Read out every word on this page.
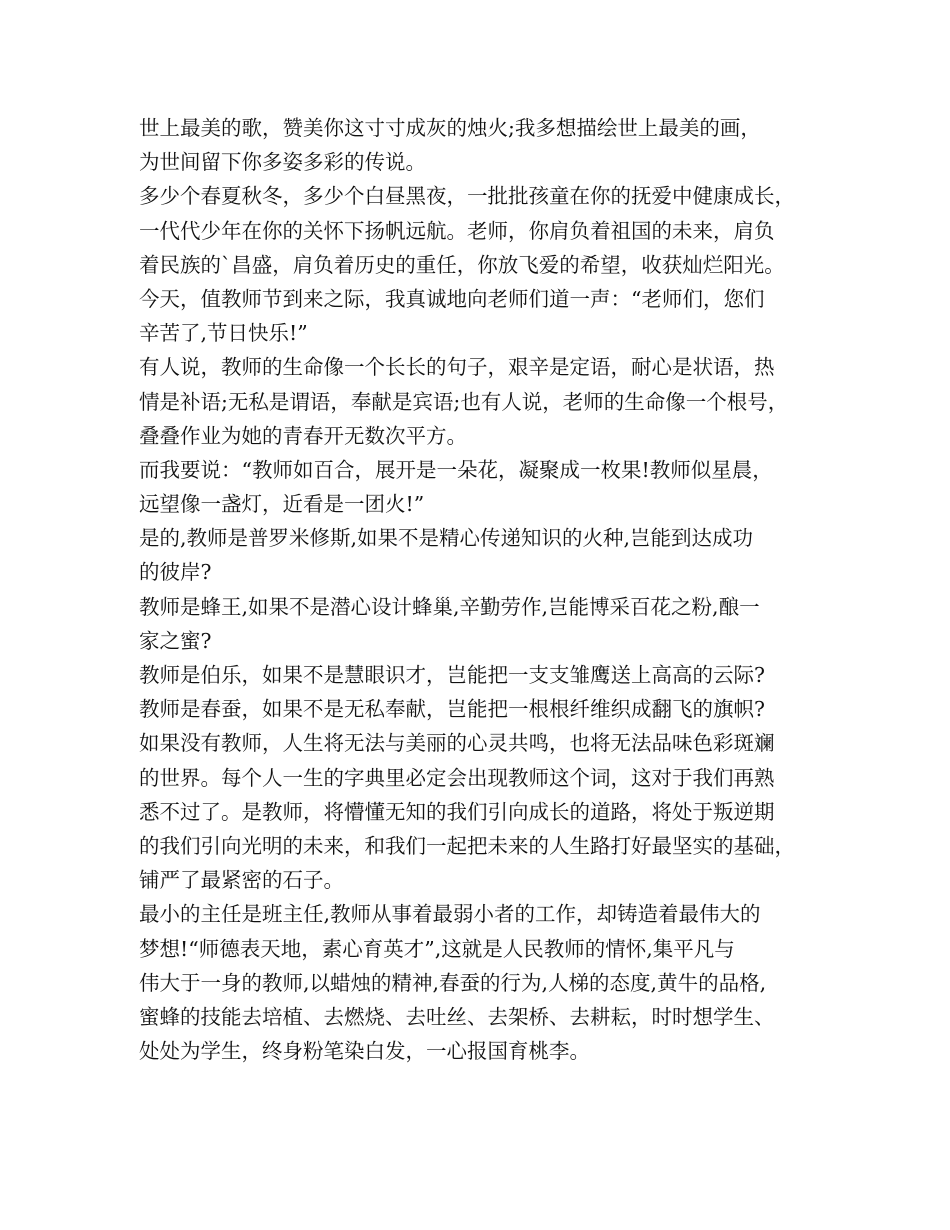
世上最美的歌，赞美你这寸寸成灰的烛火;我多想描绘世上最美的画，
为世间留下你多姿多彩的传说。
多少个春夏秋冬，多少个白昼黑夜，一批批孩童在你的抚爱中健康成长，
一代代少年在你的关怀下扬帆远航。老师，你肩负着祖国的未来，肩负
着民族的`昌盛，肩负着历史的重任，你放飞爱的希望，收获灿烂阳光。
今天，值教师节到来之际，我真诚地向老师们道一声：“老师们，您们
辛苦了,节日快乐!”
有人说，教师的生命像一个长长的句子，艰辛是定语，耐心是状语，热
情是补语;无私是谓语，奉献是宾语;也有人说，老师的生命像一个根号，
叠叠作业为她的青春开无数次平方。
而我要说：“教师如百合，展开是一朵花，凝聚成一枚果!教师似星晨，
远望像一盏灯，近看是一团火!”
是的,教师是普罗米修斯,如果不是精心传递知识的火种,岂能到达成功
的彼岸?
教师是蜂王,如果不是潜心设计蜂巢,辛勤劳作,岂能博采百花之粉,酿一
家之蜜?
教师是伯乐，如果不是慧眼识才，岂能把一支支雏鹰送上高高的云际?
教师是春蚕，如果不是无私奉献，岂能把一根根纤维织成翻飞的旗帜?
如果没有教师，人生将无法与美丽的心灵共鸣，也将无法品味色彩斑斓
的世界。每个人一生的字典里必定会出现教师这个词，这对于我们再熟
悉不过了。是教师，将懵懂无知的我们引向成长的道路，将处于叛逆期
的我们引向光明的未来，和我们一起把未来的人生路打好最坚实的基础，
铺严了最紧密的石子。
最小的主任是班主任,教师从事着最弱小者的工作，却铸造着最伟大的
梦想!“师德表天地，素心育英才”,这就是人民教师的情怀,集平凡与
伟大于一身的教师,以蜡烛的精神,春蚕的行为,人梯的态度,黄牛的品格,
蜜蜂的技能去培植、去燃烧、去吐丝、去架桥、去耕耘，时时想学生、
处处为学生，终身粉笔染白发，一心报国育桃李。
